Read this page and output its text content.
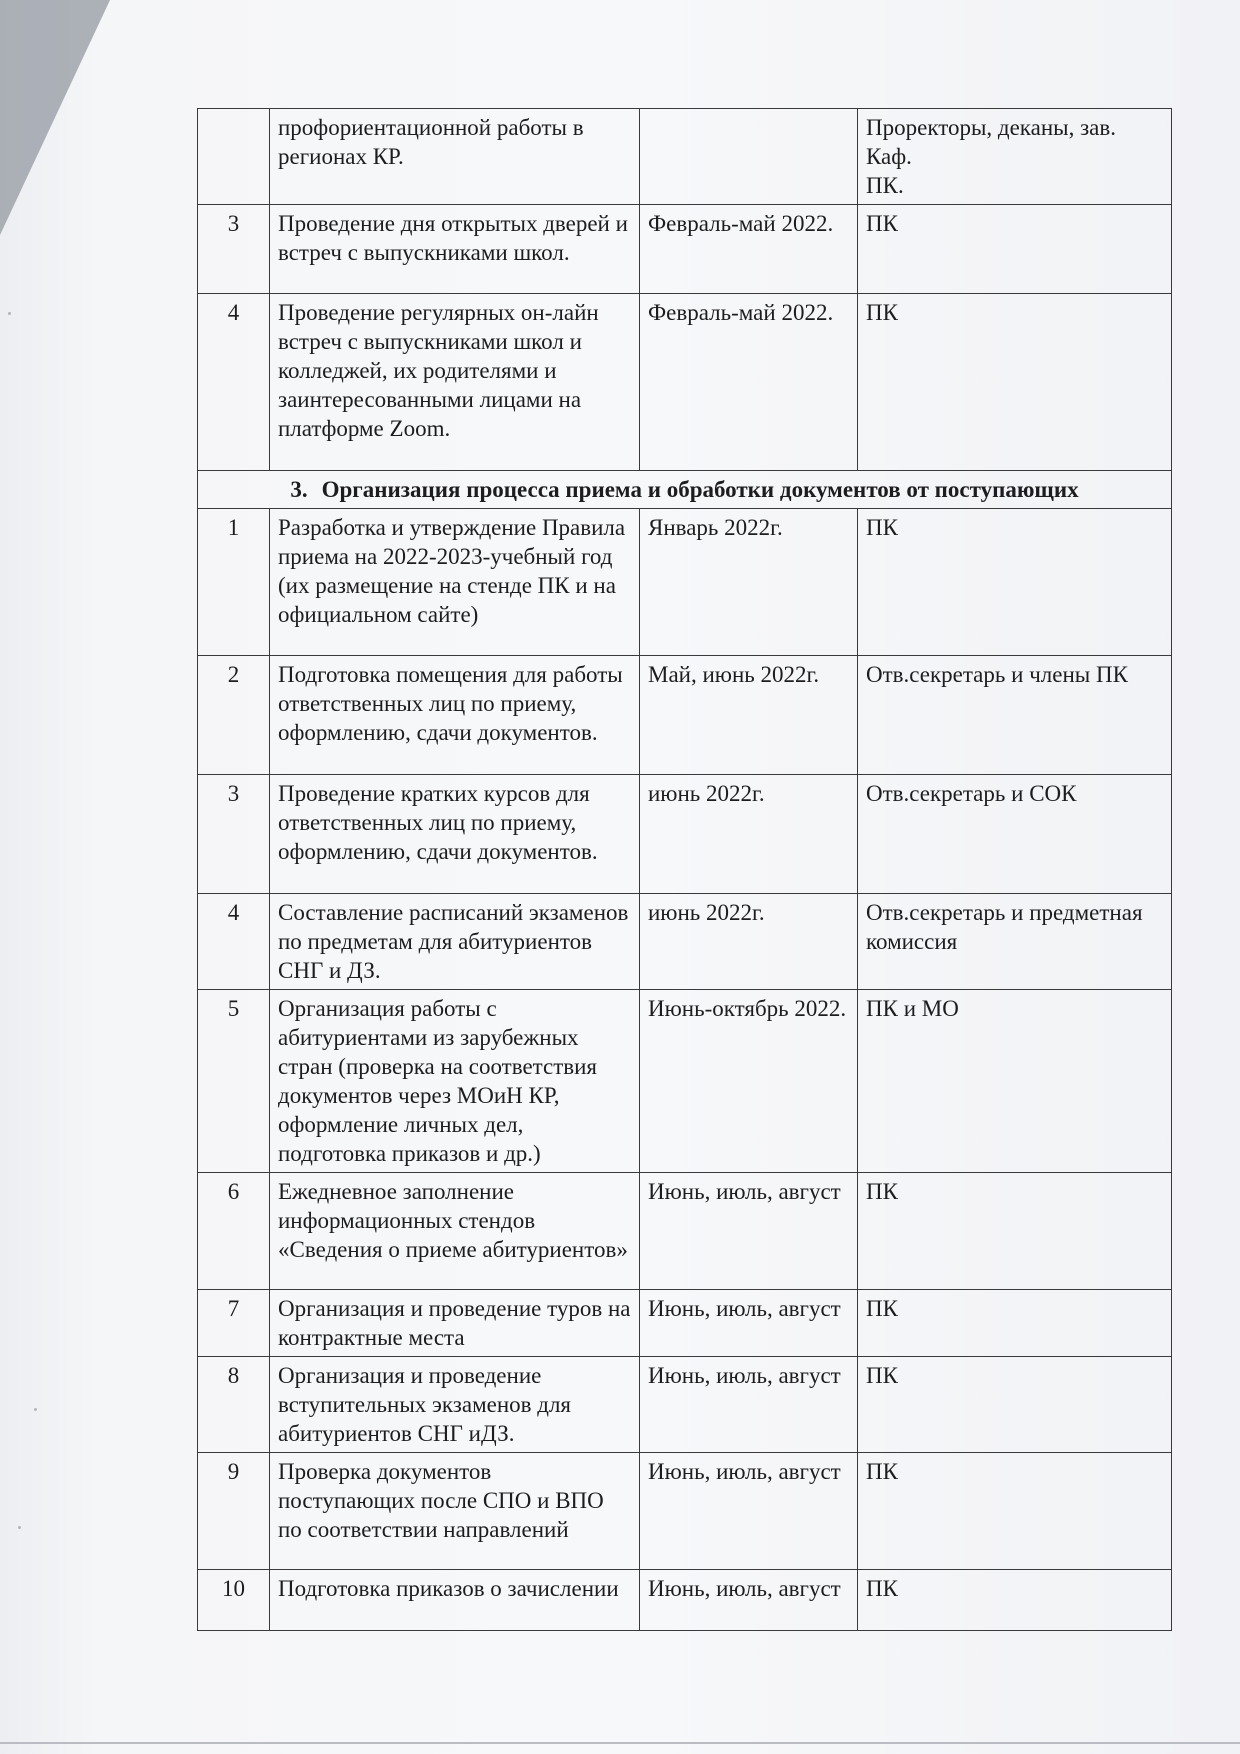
	профориентационной работы в регионах КР.		Проректоры, деканы, зав. Каф.
ПК.

3	Проведение дня открытых дверей и встреч с выпускниками школ.	Февраль-май 2022.	ПК
4	Проведение регулярных он-лайн встреч с выпускниками школ и колледжей, их родителями и заинтересованными лицами на платформе Zoom.	Февраль-май 2022.	ПК
3. Организация процесса приема и обработки документов от поступающих			
1	Разработка и утверждение Правила приема на 2022-2023-учебный год (их размещение на стенде ПК и на официальном сайте)	Январь 2022г.	ПК
2	Подготовка помещения для работы ответственных лиц по приему, оформлению, сдачи документов.	Май, июнь 2022г.	Отв.секретарь и члены ПК
3	Проведение кратких курсов для ответственных лиц по приему, оформлению, сдачи документов.	июнь 2022г.	Отв.секретарь и СОК
4	Составление расписаний экзаменов по предметам для абитуриентов СНГ и ДЗ.	июнь 2022г.	Отв.секретарь и предметная комиссия
5	Организация работы с абитуриентами из зарубежных стран (проверка на соответствия документов через МОиН КР, оформление личных дел, подготовка приказов и др.)	Июнь-октябрь 2022.	ПК и МО
6	Ежедневное заполнение информационных стендов «Сведения о приеме абитуриентов»	Июнь, июль, август	ПК
7	Организация и проведение туров на контрактные места	Июнь, июль, август	ПК
8	Организация и проведение вступительных экзаменов для абитуриентов СНГ иДЗ.	Июнь, июль, август	ПК
9	Проверка документов поступающих после СПО и ВПО по соответствии направлений	Июнь, июль, август	ПК
10	Подготовка приказов о зачислении	Июнь, июль, август	ПК
